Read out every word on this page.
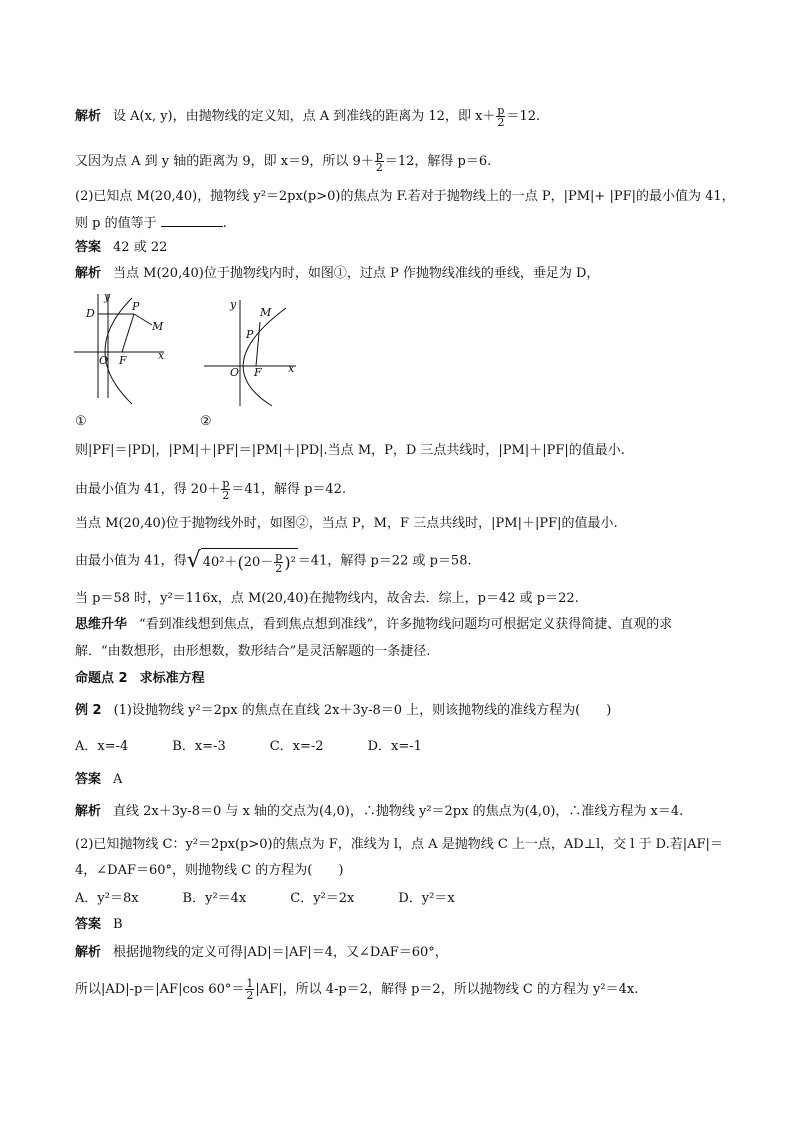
解析 设 A(x, y)，由抛物线的定义知，点 A 到准线的距离为 12，即 $x+ \frac{p}{2} =12$.
又因为点 A 到 y 轴的距离为 9，即 x＝9，所以 $9+ \frac{p}{2} =12$，解得 p＝6.
(2)已知点 M(20,40)，抛物线 y²＝2px(p>0)的焦点为 F.若对于抛物线上的一点 P，|PM|+ |PF|的最小值为 41，
则 p 的值等于	.
答案 42 或 22
解析 当点 M(20,40)位于抛物线内时，如图①，过点 P 作抛物线准线的垂线，垂足为 D，
y
D
P
M
O F	x
①
y
M
P
O F x
②
则|PF|＝|PD|，|PM|＋|PF|＝|PM|＋|PD|.当点 M，P，D 三点共线时，|PM|＋|PF|的值最小.
由最小值为 41，得 $20+ \frac{p}{2} =41$，解得 p＝42.
当点 M(20,40)位于抛物线外时，如图②，当点 P，M，F 三点共线时，|PM|＋|PF|的值最小.
由最小值为 41，得 √ 40²＋ ( $20- \frac{p}{2}$ ) ² ＝41，解得 p＝22 或 p＝58.
当 p＝58 时，y²＝116x，点 M(20,40)在抛物线内，故舍去．综上，p＝42 或 p＝22.
思维升华 “看到准线想到焦点，看到焦点想到准线”，许多抛物线问题均可根据定义获得简捷、直观的求
解．“由数想形，由形想数，数形结合”是灵活解题的一条捷径.
命题点 2 求标准方程
例 2 (1)设抛物线 y²＝2px 的焦点在直线 2x＋3y-8＝0 上，则该抛物线的准线方程为(　　)
A．x=-4	B．x=-3	C．x=-2	D．x=-1
答案 A
解析 直线 2x＋3y-8＝0 与 x 轴的交点为(4,0)，∴抛物线 y²＝2px 的焦点为(4,0)，∴准线方程为 x＝4.
(2)已知抛物线 C：y²＝2px(p>0)的焦点为 F，准线为 l，点 A 是抛物线 C 上一点，AD⊥l，交 l 于 D.若|AF|＝
4，∠DAF＝60°，则抛物线 C 的方程为(　　)
A．y²＝8x	B．y²＝4x	C．y²＝2x	D．y²＝x
答案 B
解析 根据抛物线的定义可得|AD|＝|AF|＝4，又∠DAF＝60°，
所以|AD|-p＝|AF|cos $60^\circ= \frac{1}{2} |AF|$，所以 4-p＝2，解得 p＝2，所以抛物线 C 的方程为 y²＝4x.
